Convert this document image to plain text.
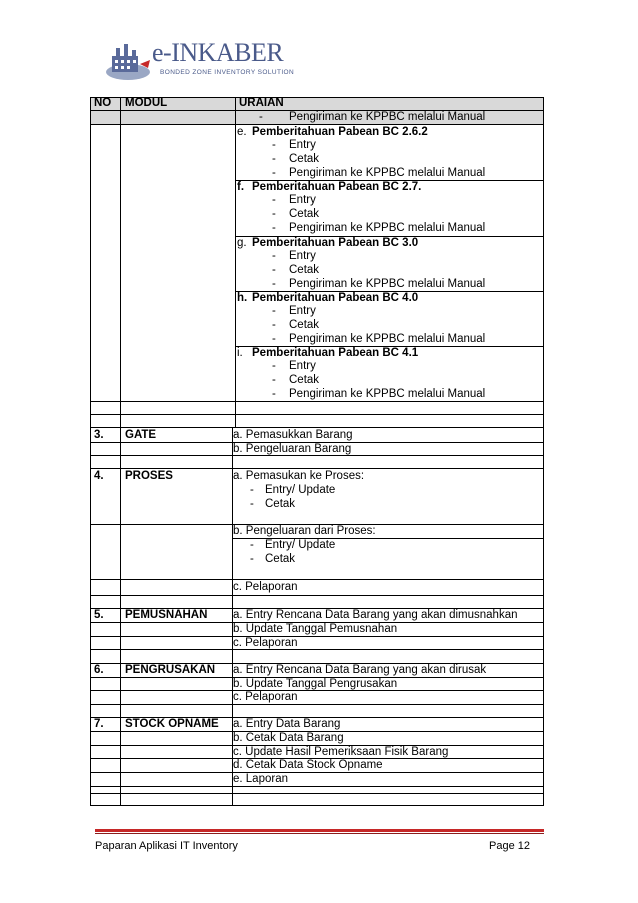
e-INKABER
BONDED ZONE INVENTORY SOLUTION
NO MODUL	URAIAN
- Pengiriman ke KPPBC melalui Manual
e. Pemberitahuan Pabean BC 2.6.2
- Entry
- Cetak
- Pengiriman ke KPPBC melalui Manual
f. Pemberitahuan Pabean BC 2.7.
- Entry
- Cetak
- Pengiriman ke KPPBC melalui Manual
g. Pemberitahuan Pabean BC 3.0
- Entry
- Cetak
- Pengiriman ke KPPBC melalui Manual
h. Pemberitahuan Pabean BC 4.0
- Entry
- Cetak
- Pengiriman ke KPPBC melalui Manual
i. Pemberitahuan Pabean BC 4.1
- Entry
- Cetak
- Pengiriman ke KPPBC melalui Manual
3. GATE	a. Pemasukkan Barang
b. Pengeluaran Barang
4. PROSES	a. Pemasukan ke Proses:
- Entry/ Update
- Cetak
b. Pengeluaran dari Proses:
- Entry/ Update
- Cetak
c. Pelaporan
5. PEMUSNAHAN a. Entry Rencana Data Barang yang akan dimusnahkan
b. Update Tanggal Pemusnahan
c. Pelaporan
6. PENGRUSAKAN a. Entry Rencana Data Barang yang akan dirusak
b. Update Tanggal Pengrusakan
c. Pelaporan
7. STOCK OPNAME a. Entry Data Barang
b. Cetak Data Barang
c. Update Hasil Pemeriksaan Fisik Barang
d. Cetak Data Stock Opname
e. Laporan
Paparan Aplikasi IT Inventory	Page 12
